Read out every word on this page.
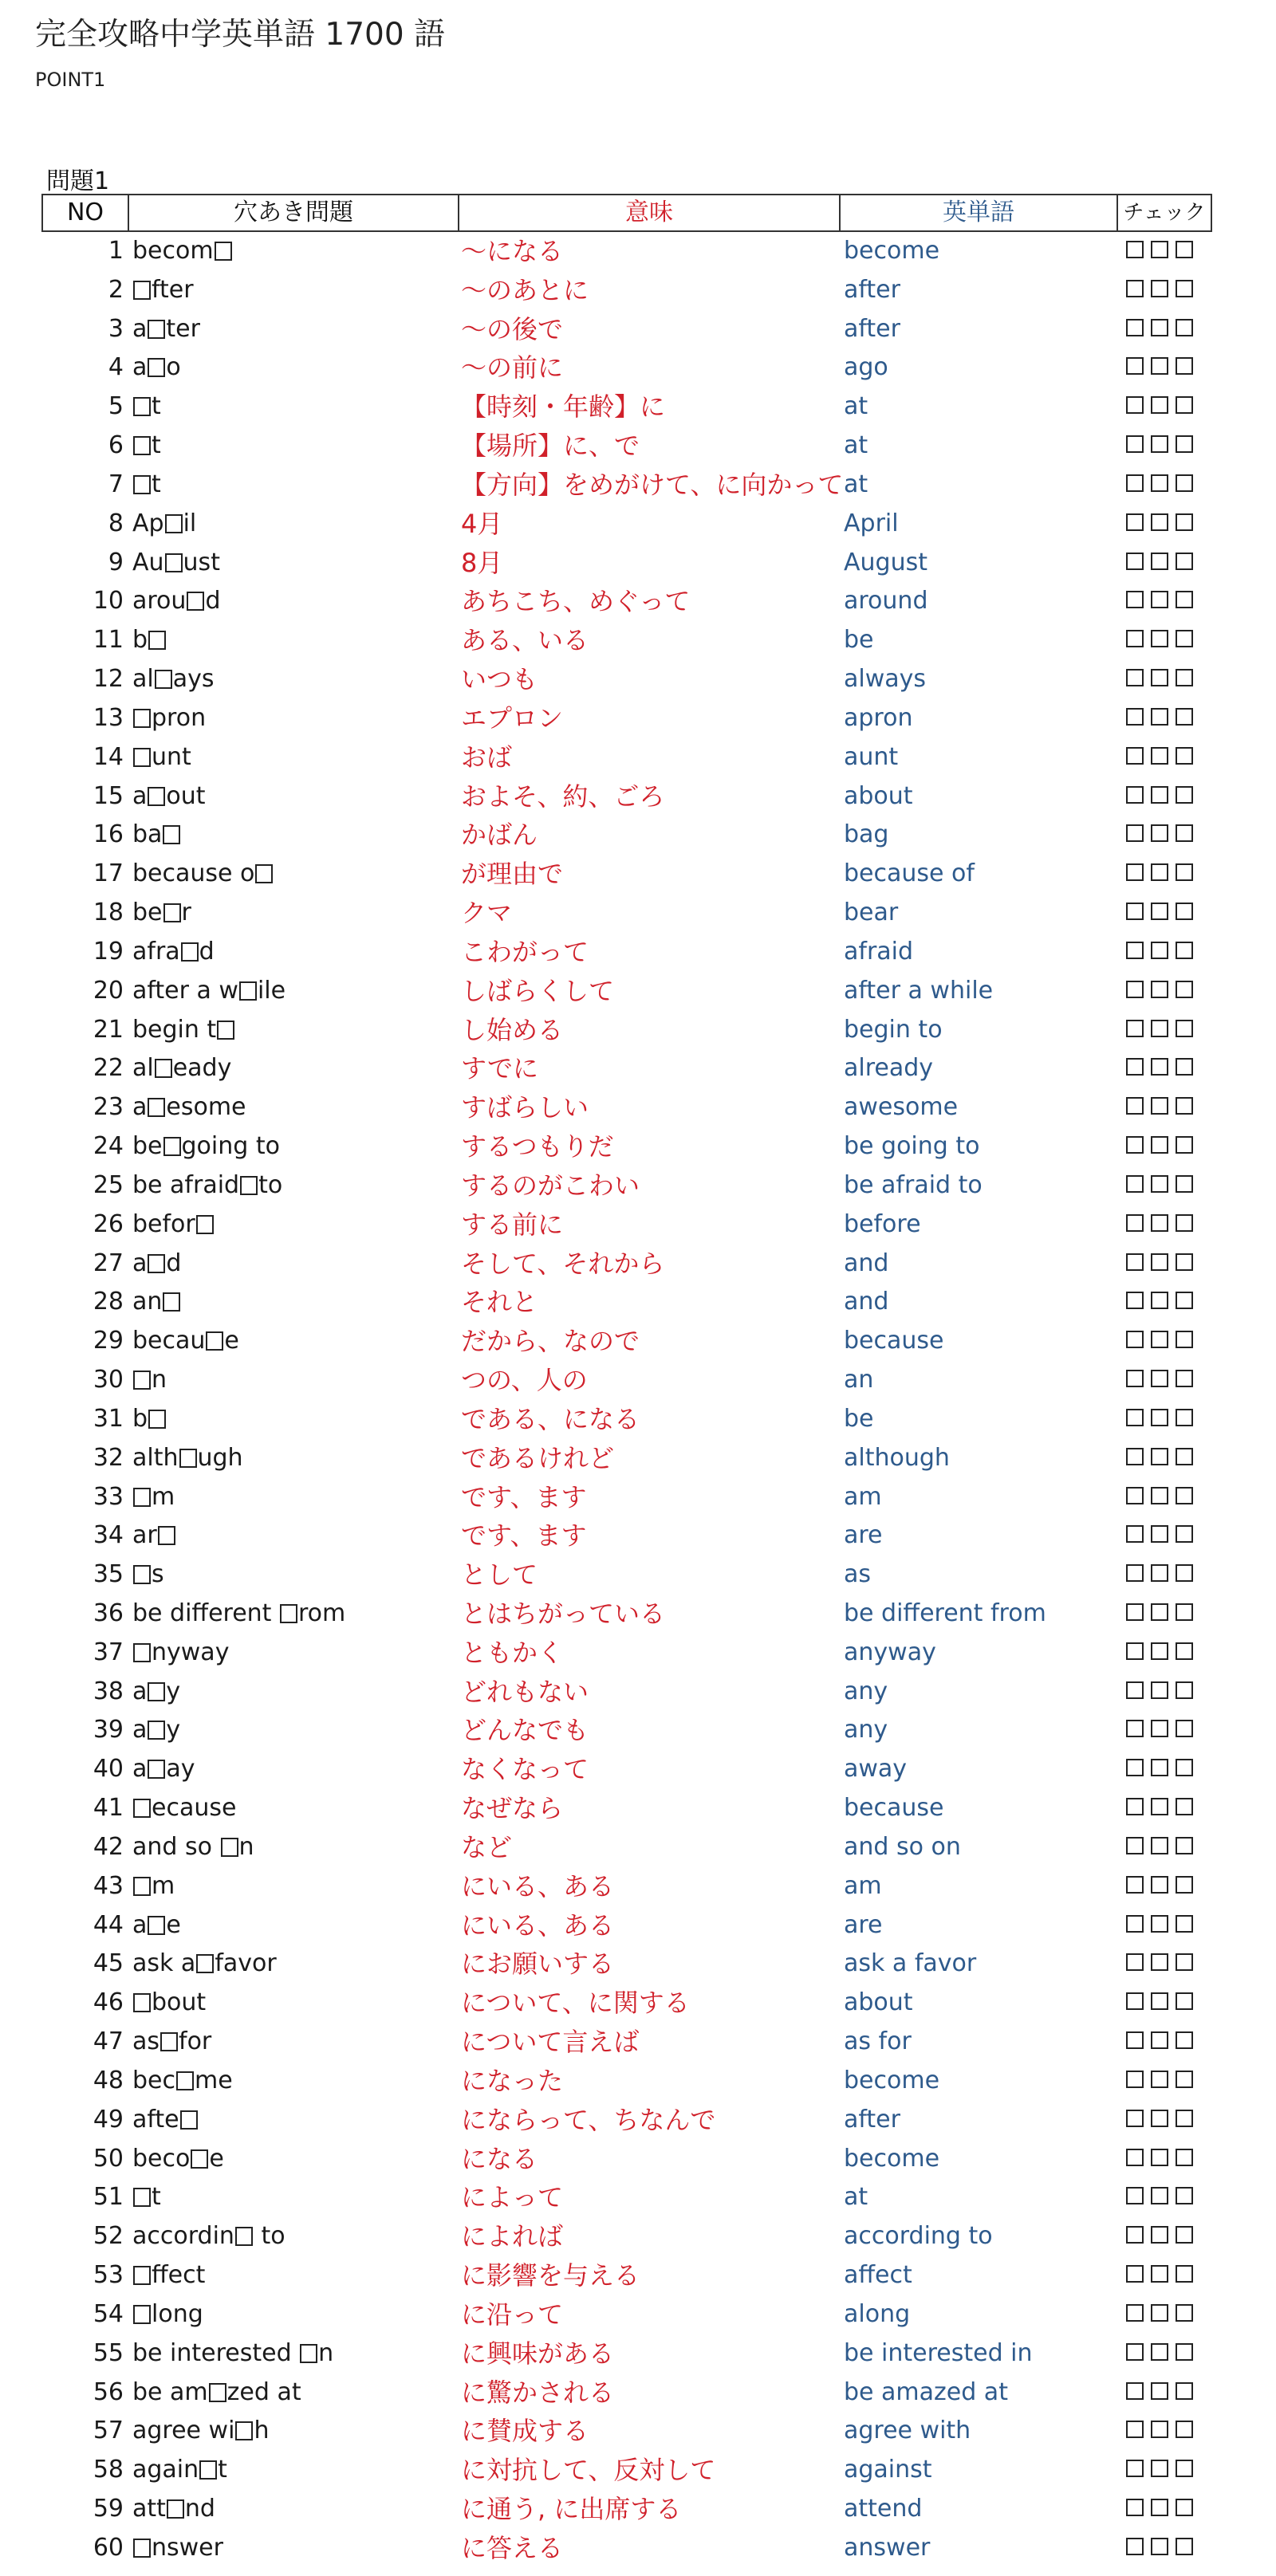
完全攻略中学英単語 1700 語
POINT1
問題1
NO	穴あき問題	意味	英単語	チェック
1 becom	～になる	become
2	fter	～のあとに	after
3 a ter	～の後で	after
4 a o	～の前に	ago
5	t	【時刻・年齢】に	at
6	t	【場所】に、で	at
7	t	【方向】をめがけて、に向かって at
8 Ap il	4月	April
9 Au ust	8月	August
10 arou d	あちこち、めぐって	around
11 b	ある、いる	be
12 al ays	いつも	always
13	pron	エプロン	apron
14	unt	おば	aunt
15 a out	およそ、約、ごろ	about
16 ba	かばん	bag
17 because o	が理由で	because of
18 be r	クマ	bear
19 afra d	こわがって	afraid
20 after a w ile	しばらくして	after a while
21 begin t	し始める	begin to
22 al eady	すでに	already
23 a esome	すばらしい	awesome
24 be going to	するつもりだ	be going to
25 be afraid to	するのがこわい	be afraid to
26 befor	する前に	before
27 a d	そして、それから	and
28 an	それと	and
29 becau e	だから、なので	because
30	n	つの、人の	an
31 b	である、になる	be
32 alth ugh	であるけれど	although
33	m	です、ます	am
34 ar	です、ます	are
35	s	として	as
36 be different rom	とはちがっている	be different from
37	nyway	ともかく	anyway
38 a y	どれもない	any
39 a y	どんなでも	any
40 a ay	なくなって	away
41	ecause	なぜなら	because
42 and so n	など	and so on
43	m	にいる、ある	am
44 a e	にいる、ある	are
45 ask a favor	にお願いする	ask a favor
46	bout	について、に関する	about
47 as for	について言えば	as for
48 bec me	になった	become
49 afte	にならって、ちなんで	after
50 beco e	になる	become
51	t	によって	at
52 accordin to	によれば	according to
53	ffect	に影響を与える	affect
54	long	に沿って	along
55 be interested n	に興味がある	be interested in
56 be am zed at	に驚かされる	be amazed at
57 agree wi h	に賛成する	agree with
58 again t	に対抗して、反対して	against
59 att nd	に通う, に出席する	attend
60	nswer	に答える	answer
